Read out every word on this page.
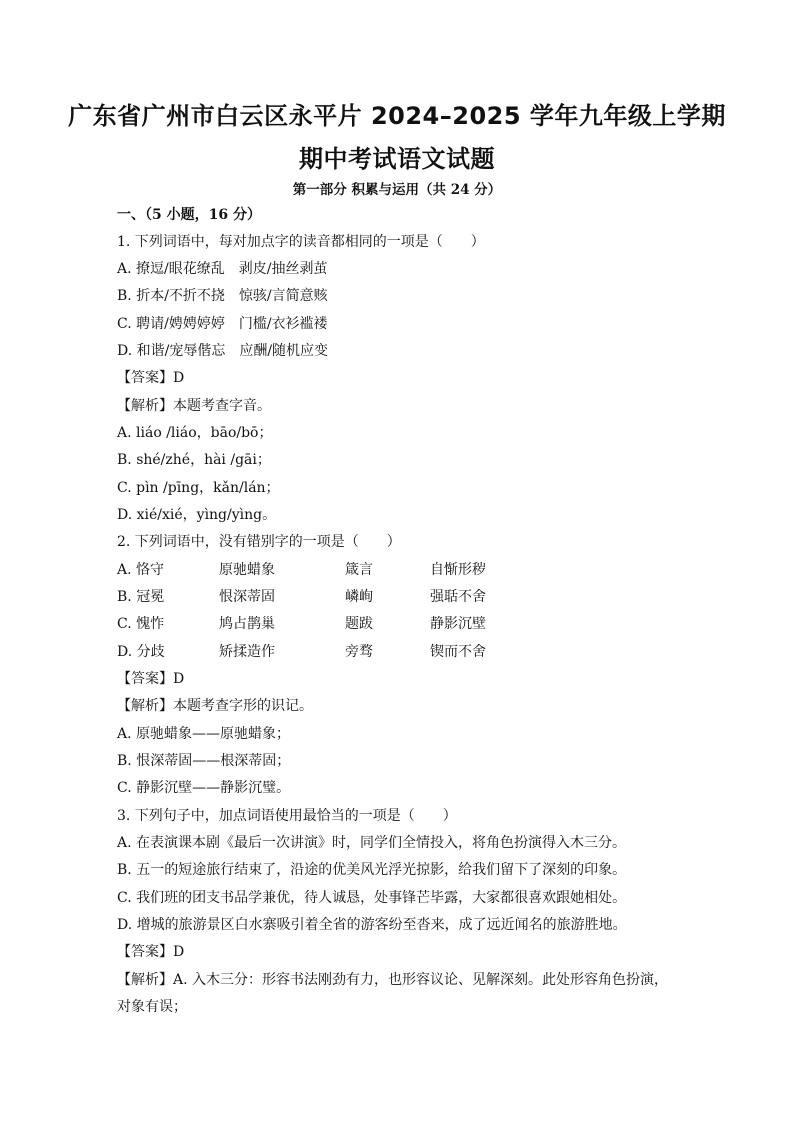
广东省广州市白云区永平片 2024–2025 学年九年级上学期
期中考试语文试题
第一部分 积累与运用（共 24 分）
一、（5 小题，16 分）
1. 下列词语中，每对加点字的读音都相同的一项是（　　）
A. 撩逗/眼花缭乱　剥皮/抽丝剥茧
B. 折本/不折不挠　惊骇/言简意赅
C. 聘请/娉娉婷婷　门槛/衣衫褴褛
D. 和谐/宠辱偕忘　应酬/随机应变
【答案】D
【解析】本题考查字音。
A. liáo /liáo，bāo/bō；
B. shé/zhé，hài /gāi；
C. pìn /pīng，kǎn/lán；
D. xié/xié，yìng/yìng。
2. 下列词语中，没有错别字的一项是（　　）
A. 恪守	原驰蜡象	箴言	自惭形秽
B. 冠冕	恨深蒂固	嶙峋	强聒不舍
C. 愧怍	鸠占鹊巢	题跋	静影沉壁
D. 分歧	矫揉造作	旁骛	锲而不舍
【答案】D
【解析】本题考查字形的识记。
A. 原驰蜡象——原驰蜡象；
B. 恨深蒂固——根深蒂固；
C. 静影沉壁——静影沉璧。
3. 下列句子中，加点词语使用最恰当的一项是（　　）
A. 在表演课本剧《最后一次讲演》时，同学们全情投入，将角色扮演得入木三分。
B. 五一的短途旅行结束了，沿途的优美风光浮光掠影，给我们留下了深刻的印象。
C. 我们班的团支书品学兼优，待人诚恳，处事锋芒毕露，大家都很喜欢跟她相处。
D. 增城的旅游景区白水寨吸引着全省的游客纷至沓来，成了远近闻名的旅游胜地。
【答案】D
【解析】A. 入木三分：形容书法刚劲有力，也形容议论、见解深刻。此处形容角色扮演，
对象有误；
